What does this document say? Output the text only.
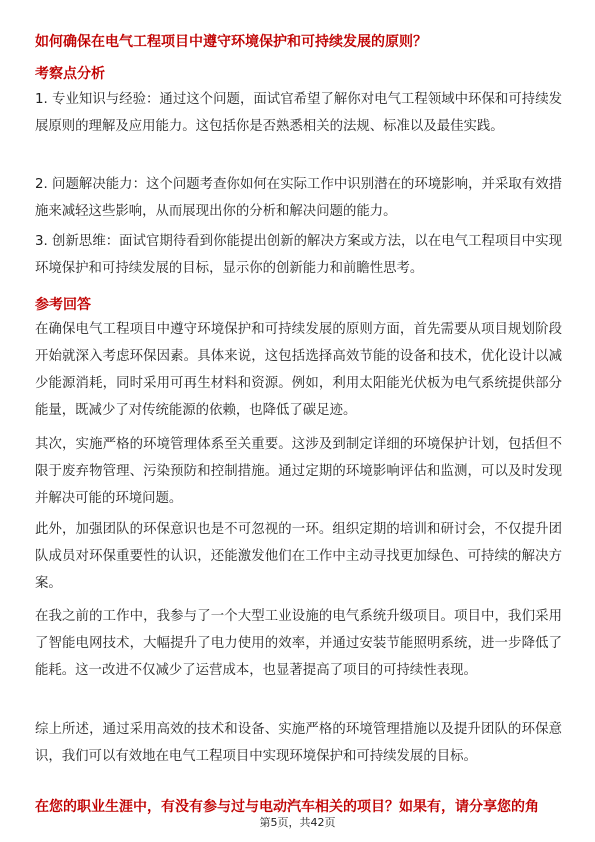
如何确保在电气工程项目中遵守环境保护和可持续发展的原则？
考察点分析
1. 专业知识与经验：通过这个问题，面试官希望了解你对电气工程领域中环保和可持续发展原则的理解及应用能力。这包括你是否熟悉相关的法规、标准以及最佳实践。
2. 问题解决能力：这个问题考查你如何在实际工作中识别潜在的环境影响，并采取有效措施来减轻这些影响，从而展现出你的分析和解决问题的能力。
3. 创新思维：面试官期待看到你能提出创新的解决方案或方法，以在电气工程项目中实现环境保护和可持续发展的目标，显示你的创新能力和前瞻性思考。
参考回答
在确保电气工程项目中遵守环境保护和可持续发展的原则方面，首先需要从项目规划阶段开始就深入考虑环保因素。具体来说，这包括选择高效节能的设备和技术，优化设计以减少能源消耗，同时采用可再生材料和资源。例如，利用太阳能光伏板为电气系统提供部分能量，既减少了对传统能源的依赖，也降低了碳足迹。
其次，实施严格的环境管理体系至关重要。这涉及到制定详细的环境保护计划，包括但不限于废弃物管理、污染预防和控制措施。通过定期的环境影响评估和监测，可以及时发现并解决可能的环境问题。
此外，加强团队的环保意识也是不可忽视的一环。组织定期的培训和研讨会，不仅提升团队成员对环保重要性的认识，还能激发他们在工作中主动寻找更加绿色、可持续的解决方案。
在我之前的工作中，我参与了一个大型工业设施的电气系统升级项目。项目中，我们采用了智能电网技术，大幅提升了电力使用的效率，并通过安装节能照明系统，进一步降低了能耗。这一改进不仅减少了运营成本，也显著提高了项目的可持续性表现。
综上所述，通过采用高效的技术和设备、实施严格的环境管理措施以及提升团队的环保意识，我们可以有效地在电气工程项目中实现环境保护和可持续发展的目标。
在您的职业生涯中，有没有参与过与电动汽车相关的项目？如果有，请分享您的角
第5页，共42页
